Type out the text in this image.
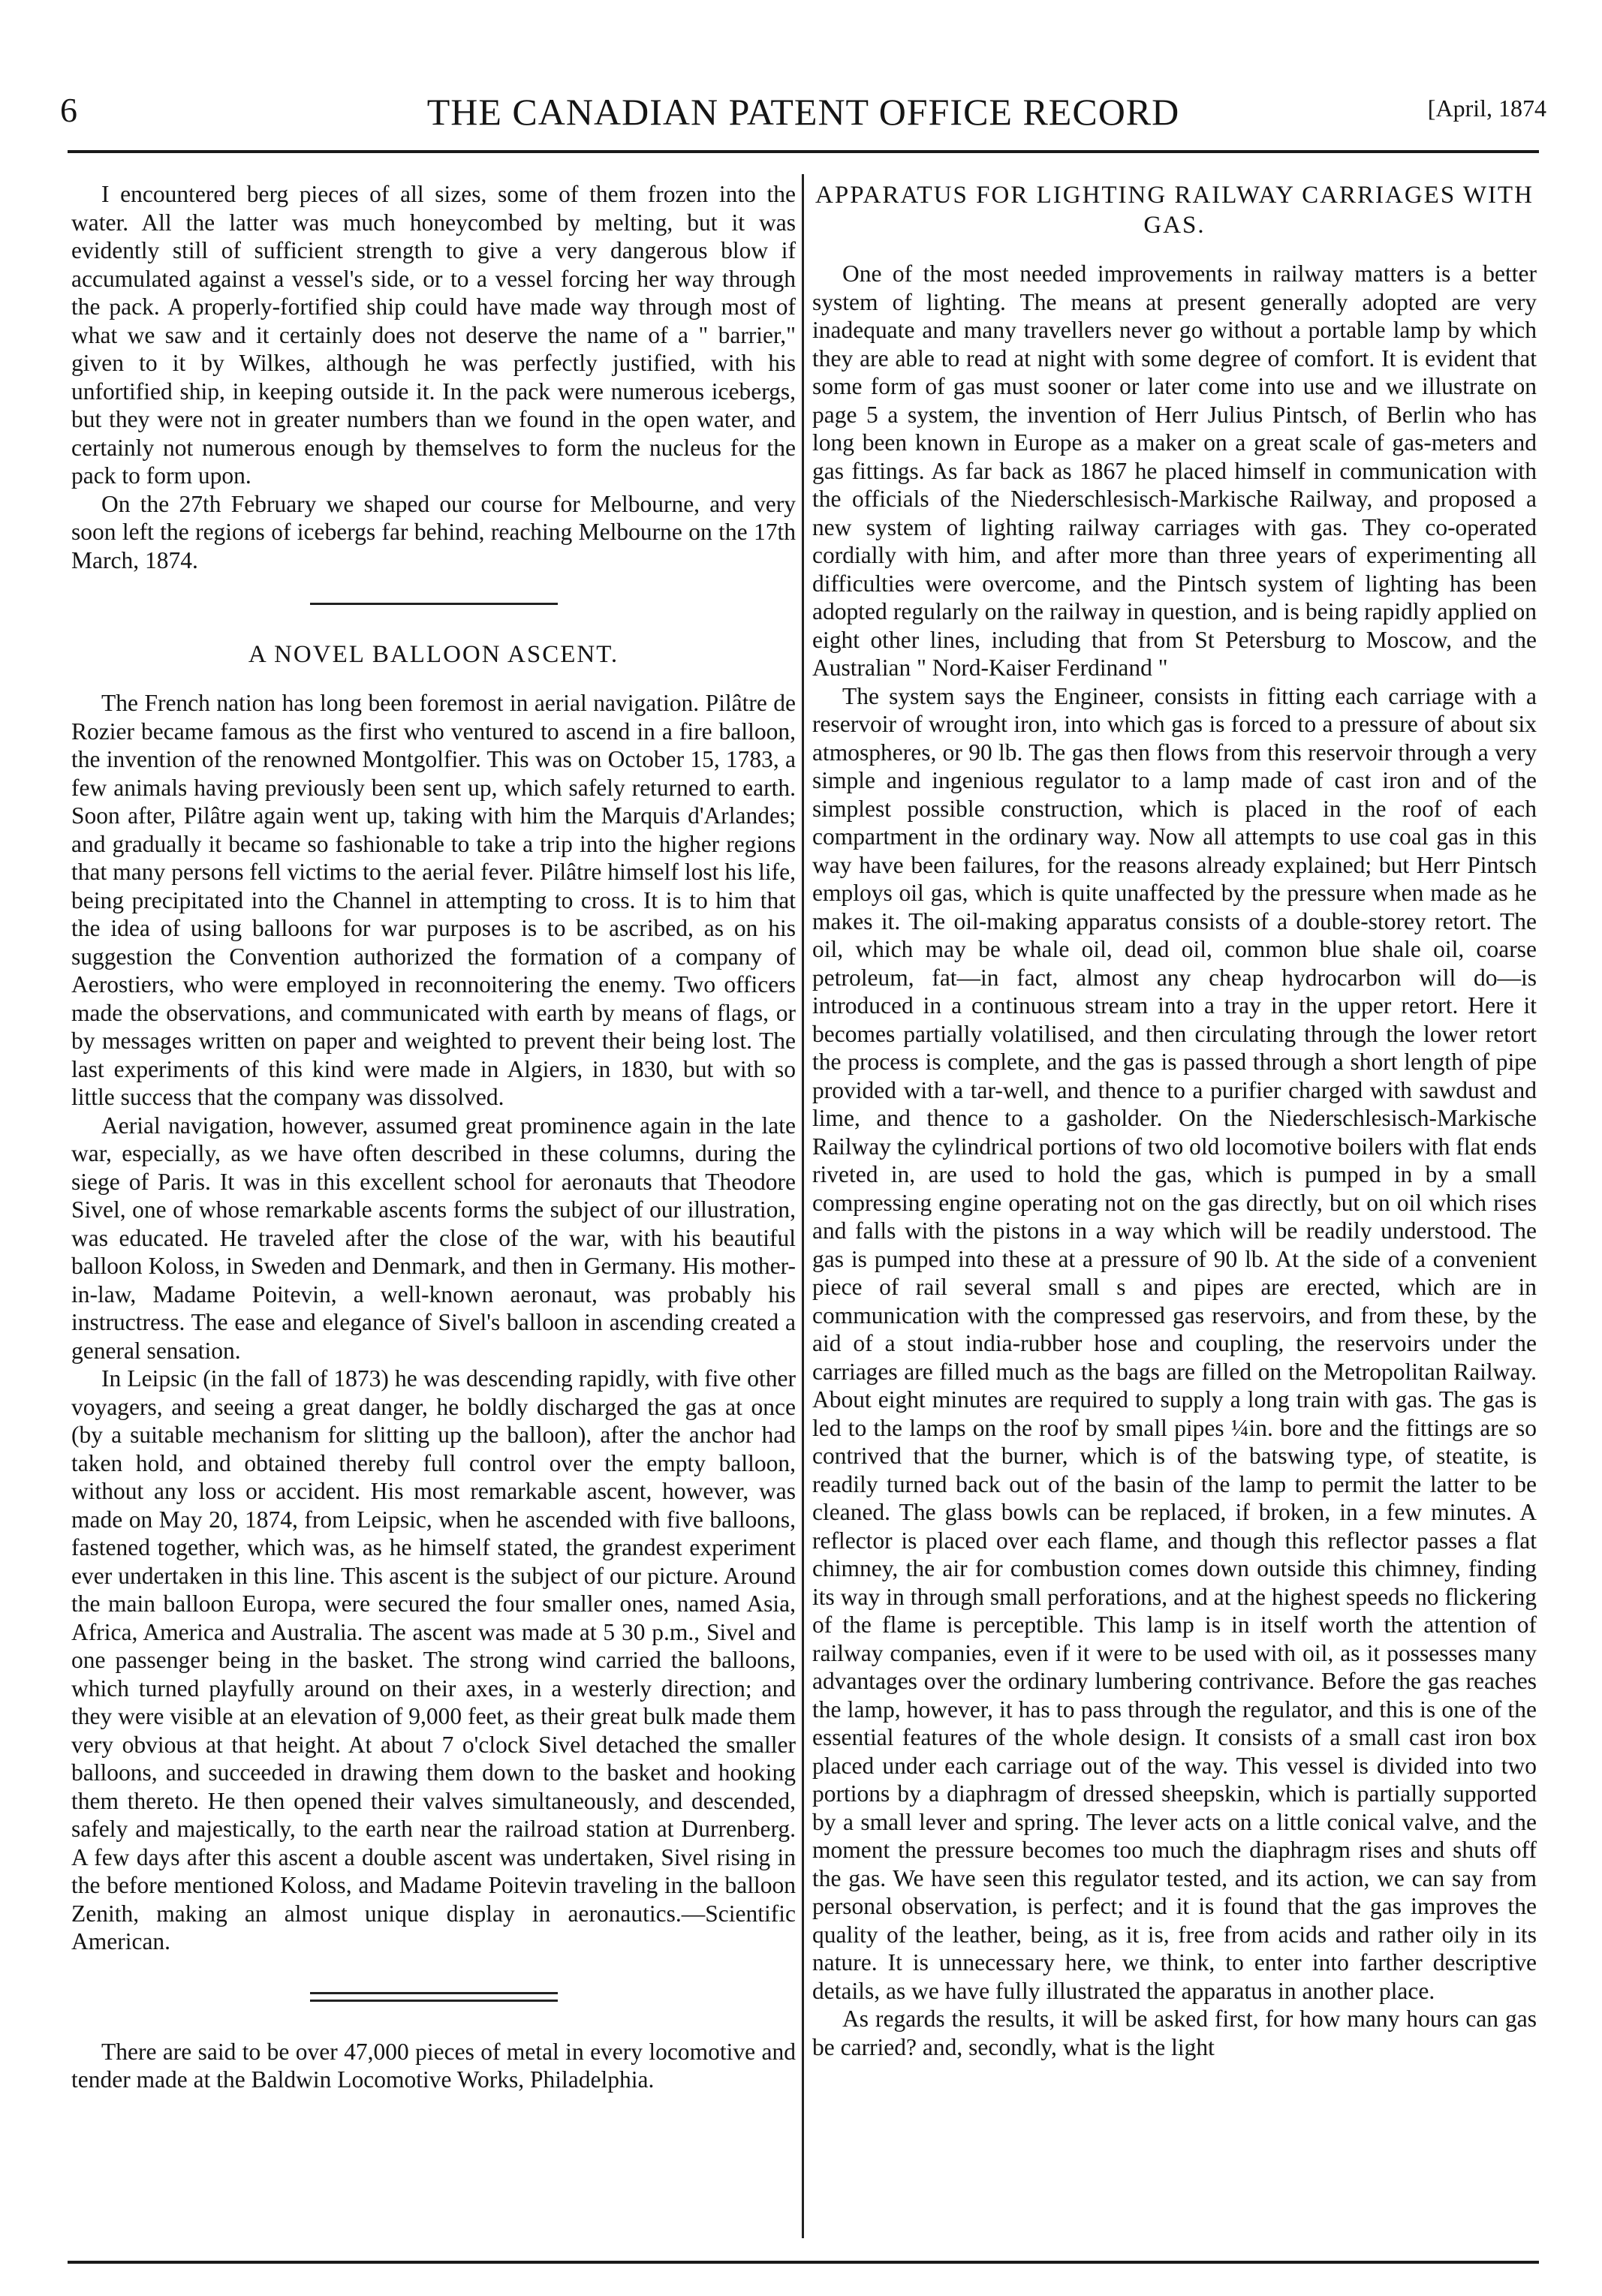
6	THE CANADIAN PATENT OFFICE RECORD	[April, 1874

I encountered berg pieces of all sizes, some of them frozen into the water. All the latter was much honeycombed by melting, but it was evidently still of sufficient strength to give a very dangerous blow if accumulated against a vessel's side, or to a vessel forcing her way through the pack. A properly-fortified ship could have made way through most of what we saw and it certainly does not deserve the name of a " barrier," given to it by Wilkes, although he was perfectly justified, with his unfortified ship, in keeping outside it. In the pack were numerous icebergs, but they were not in greater numbers than we found in the open water, and certainly not numerous enough by themselves to form the nucleus for the pack to form upon.

On the 27th February we shaped our course for Melbourne, and very soon left the regions of icebergs far behind, reaching Melbourne on the 17th March, 1874.

A NOVEL BALLOON ASCENT.

The French nation has long been foremost in aerial navigation. Pilâtre de Rozier became famous as the first who ventured to ascend in a fire balloon, the invention of the renowned Montgolfier. This was on October 15, 1783, a few animals having previously been sent up, which safely returned to earth. Soon after, Pilâtre again went up, taking with him the Marquis d'Arlandes; and gradually it became so fashionable to take a trip into the higher regions that many persons fell victims to the aerial fever. Pilâtre himself lost his life, being precipitated into the Channel in attempting to cross. It is to him that the idea of using balloons for war purposes is to be ascribed, as on his suggestion the Convention authorized the formation of a company of Aerostiers, who were employed in reconnoitering the enemy. Two officers made the observations, and communicated with earth by means of flags, or by messages written on paper and weighted to prevent their being lost. The last experiments of this kind were made in Algiers, in 1830, but with so little success that the company was dissolved.

Aerial navigation, however, assumed great prominence again in the late war, especially, as we have often described in these columns, during the siege of Paris. It was in this excellent school for aeronauts that Theodore Sivel, one of whose remarkable ascents forms the subject of our illustration, was educated. He traveled after the close of the war, with his beautiful balloon Koloss, in Sweden and Denmark, and then in Germany. His mother-in-law, Madame Poitevin, a well-known aeronaut, was probably his instructress. The ease and elegance of Sivel's balloon in ascending created a general sensation.

In Leipsic (in the fall of 1873) he was descending rapidly, with five other voyagers, and seeing a great danger, he boldly discharged the gas at once (by a suitable mechanism for slitting up the balloon), after the anchor had taken hold, and obtained thereby full control over the empty balloon, without any loss or accident. His most remarkable ascent, however, was made on May 20, 1874, from Leipsic, when he ascended with five balloons, fastened together, which was, as he himself stated, the grandest experiment ever undertaken in this line. This ascent is the subject of our picture. Around the main balloon Europa, were secured the four smaller ones, named Asia, Africa, America and Australia. The ascent was made at 5 30 p.m., Sivel and one passenger being in the basket. The strong wind carried the balloons, which turned playfully around on their axes, in a westerly direction; and they were visible at an elevation of 9,000 feet, as their great bulk made them very obvious at that height. At about 7 o'clock Sivel detached the smaller balloons, and succeeded in drawing them down to the basket and hooking them thereto. He then opened their valves simultaneously, and descended, safely and majestically, to the earth near the railroad station at Durrenberg. A few days after this ascent a double ascent was undertaken, Sivel rising in the before mentioned Koloss, and Madame Poitevin traveling in the balloon Zenith, making an almost unique display in aeronautics.—Scientific American.

There are said to be over 47,000 pieces of metal in every locomotive and tender made at the Baldwin Locomotive Works, Philadelphia.

APPARATUS FOR LIGHTING RAILWAY CARRIAGES WITH GAS.

One of the most needed improvements in railway matters is a better system of lighting. The means at present generally adopted are very inadequate and many travellers never go without a portable lamp by which they are able to read at night with some degree of comfort. It is evident that some form of gas must sooner or later come into use and we illustrate on page 5 a system, the invention of Herr Julius Pintsch, of Berlin who has long been known in Europe as a maker on a great scale of gas-meters and gas fittings. As far back as 1867 he placed himself in communication with the officials of the Niederschlesisch-Markische Railway, and proposed a new system of lighting railway carriages with gas. They co-operated cordially with him, and after more than three years of experimenting all difficulties were overcome, and the Pintsch system of lighting has been adopted regularly on the railway in question, and is being rapidly applied on eight other lines, including that from St Petersburg to Moscow, and the Australian " Nord-Kaiser Ferdinand "

The system says the Engineer, consists in fitting each carriage with a reservoir of wrought iron, into which gas is forced to a pressure of about six atmospheres, or 90 lb. The gas then flows from this reservoir through a very simple and ingenious regulator to a lamp made of cast iron and of the simplest possible construction, which is placed in the roof of each compartment in the ordinary way. Now all attempts to use coal gas in this way have been failures, for the reasons already explained; but Herr Pintsch employs oil gas, which is quite unaffected by the pressure when made as he makes it. The oil-making apparatus consists of a double-storey retort. The oil, which may be whale oil, dead oil, common blue shale oil, coarse petroleum, fat—in fact, almost any cheap hydrocarbon will do—is introduced in a continuous stream into a tray in the upper retort. Here it becomes partially volatilised, and then circulating through the lower retort the process is complete, and the gas is passed through a short length of pipe provided with a tar-well, and thence to a purifier charged with sawdust and lime, and thence to a gasholder. On the Niederschlesisch-Markische Railway the cylindrical portions of two old locomotive boilers with flat ends riveted in, are used to hold the gas, which is pumped in by a small compressing engine operating not on the gas directly, but on oil which rises and falls with the pistons in a way which will be readily understood. The gas is pumped into these at a pressure of 90 lb. At the side of a convenient piece of rail several small s and pipes are erected, which are in communication with the compressed gas reservoirs, and from these, by the aid of a stout india-rubber hose and coupling, the reservoirs under the carriages are filled much as the bags are filled on the Metropolitan Railway. About eight minutes are required to supply a long train with gas. The gas is led to the lamps on the roof by small pipes ¼in. bore and the fittings are so contrived that the burner, which is of the batswing type, of steatite, is readily turned back out of the basin of the lamp to permit the latter to be cleaned. The glass bowls can be replaced, if broken, in a few minutes. A reflector is placed over each flame, and though this reflector passes a flat chimney, the air for combustion comes down outside this chimney, finding its way in through small perforations, and at the highest speeds no flickering of the flame is perceptible. This lamp is in itself worth the attention of railway companies, even if it were to be used with oil, as it possesses many advantages over the ordinary lumbering contrivance. Before the gas reaches the lamp, however, it has to pass through the regulator, and this is one of the essential features of the whole design. It consists of a small cast iron box placed under each carriage out of the way. This vessel is divided into two portions by a diaphragm of dressed sheepskin, which is partially supported by a small lever and spring. The lever acts on a little conical valve, and the moment the pressure becomes too much the diaphragm rises and shuts off the gas. We have seen this regulator tested, and its action, we can say from personal observation, is perfect; and it is found that the gas improves the quality of the leather, being, as it is, free from acids and rather oily in its nature. It is unnecessary here, we think, to enter into farther descriptive details, as we have fully illustrated the apparatus in another place.

As regards the results, it will be asked first, for how many hours can gas be carried? and, secondly, what is the light
